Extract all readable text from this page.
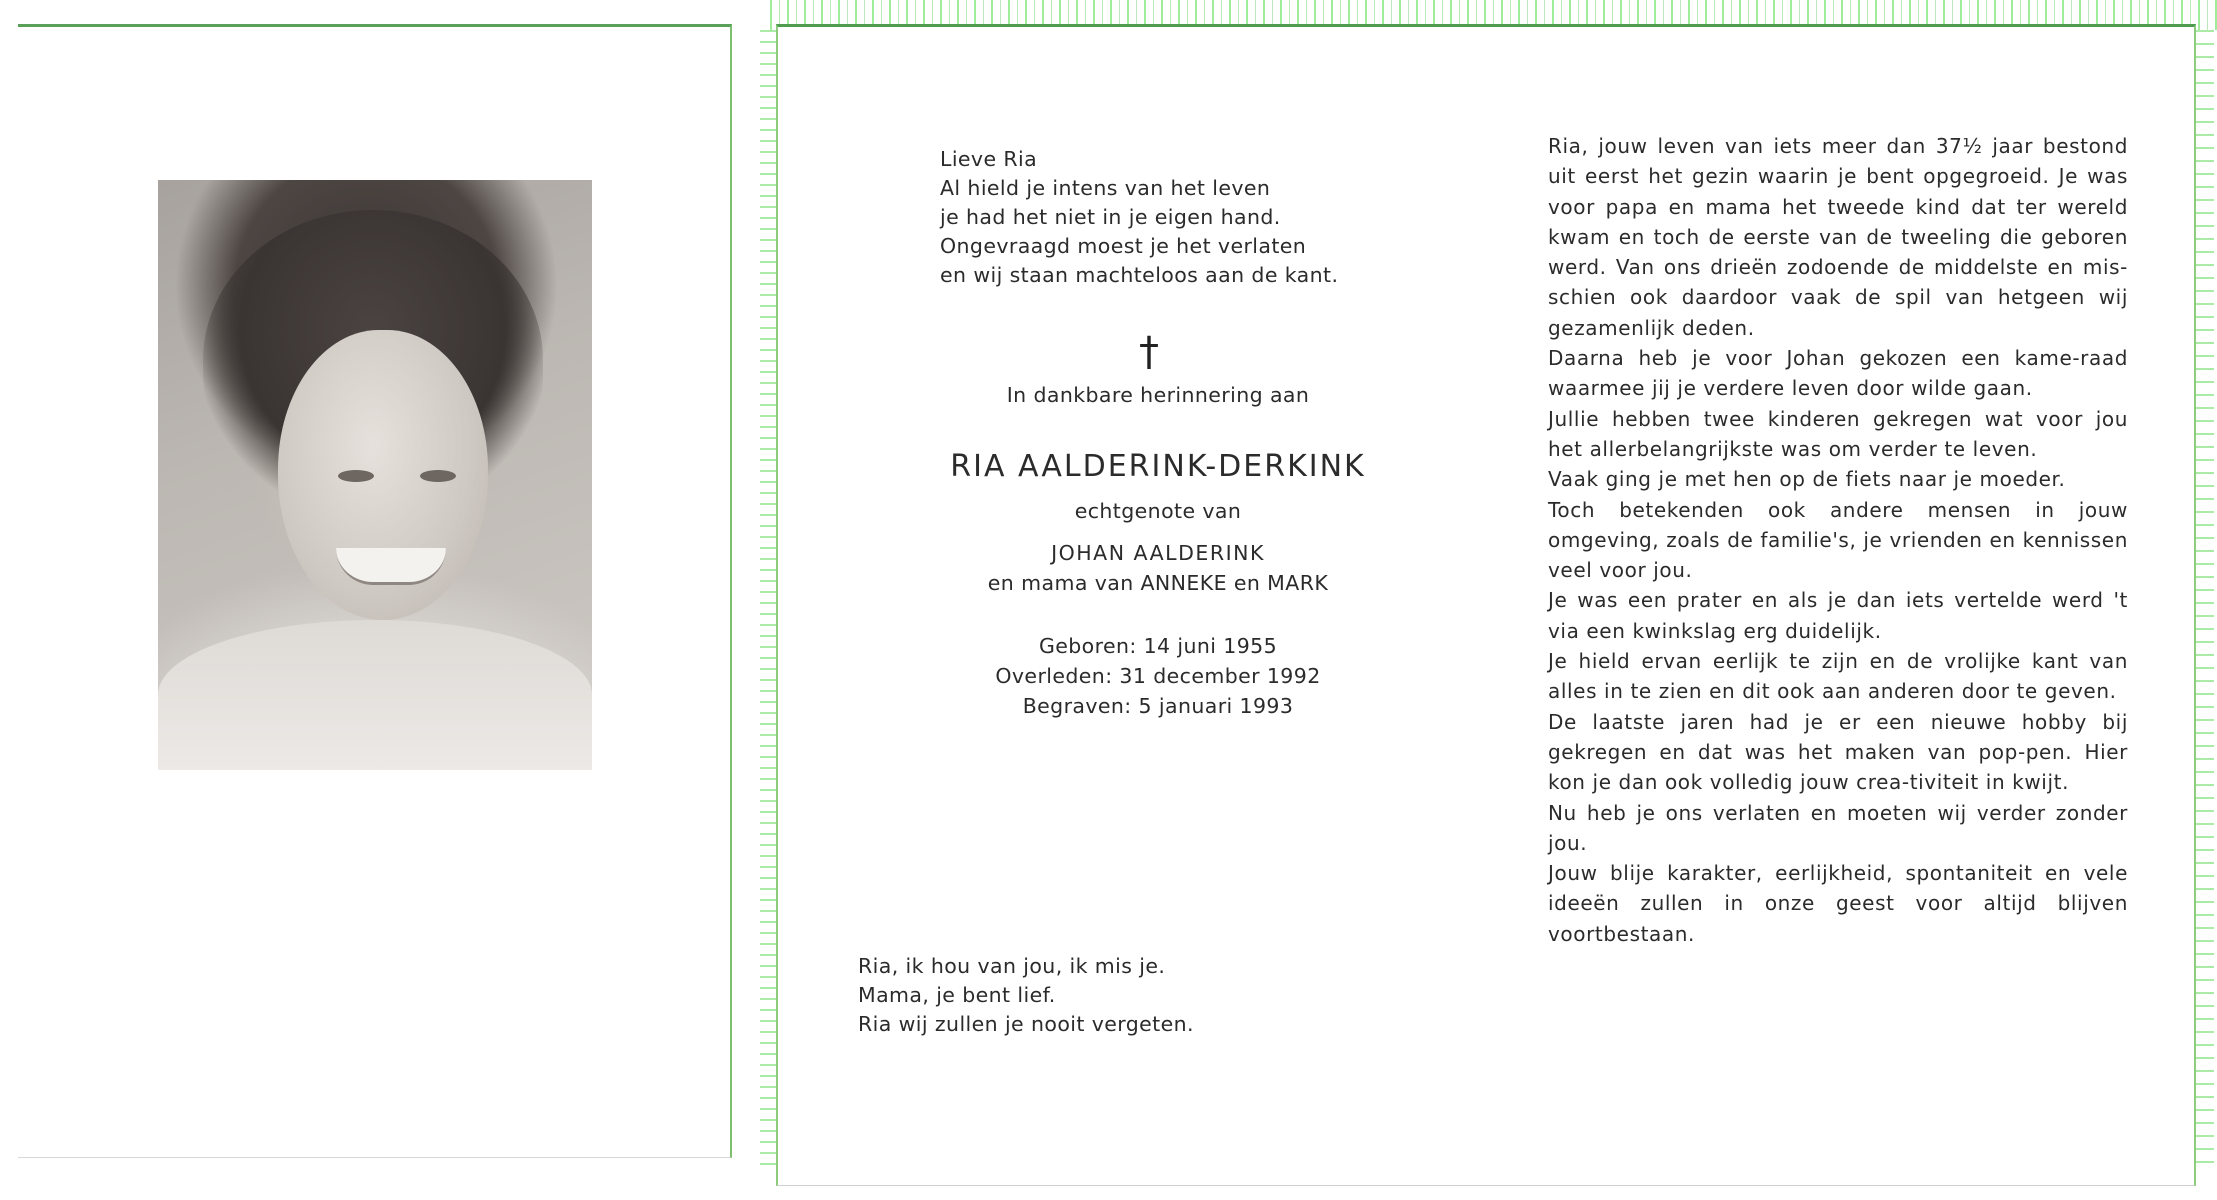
Lieve Ria
Al hield je intens van het leven
je had het niet in je eigen hand.
Ongevraagd moest je het verlaten
en wij staan machteloos aan de kant.
†
In dankbare herinnering aan
RIA AALDERINK-DERKINK
echtgenote van
JOHAN AALDERINK
en mama van ANNEKE en MARK
Geboren: 14 juni 1955
Overleden: 31 december 1992
Begraven: 5 januari 1993
Ria, ik hou van jou, ik mis je.
Mama, je bent lief.
Ria wij zullen je nooit vergeten.

Ria, jouw leven van iets meer dan 37½ jaar bestond uit eerst het gezin waarin je bent opgegroeid. Je was voor papa en mama het tweede kind dat ter wereld kwam en toch de eerste van de tweeling die geboren werd. Van ons drieën zodoende de middelste en mis-schien ook daardoor vaak de spil van hetgeen wij gezamenlijk deden.

Daarna heb je voor Johan gekozen een kame-raad waarmee jij je verdere leven door wilde gaan.

Jullie hebben twee kinderen gekregen wat voor jou het allerbelangrijkste was om verder te leven.

Vaak ging je met hen op de fiets naar je moeder.

Toch betekenden ook andere mensen in jouw omgeving, zoals de familie's, je vrienden en kennissen veel voor jou.

Je was een prater en als je dan iets vertelde werd 't via een kwinkslag erg duidelijk.

Je hield ervan eerlijk te zijn en de vrolijke kant van alles in te zien en dit ook aan anderen door te geven.

De laatste jaren had je er een nieuwe hobby bij gekregen en dat was het maken van pop-pen. Hier kon je dan ook volledig jouw crea-tiviteit in kwijt.

Nu heb je ons verlaten en moeten wij verder zonder jou.

Jouw blije karakter, eerlijkheid, spontaniteit en vele ideeën zullen in onze geest voor altijd blijven voortbestaan.
